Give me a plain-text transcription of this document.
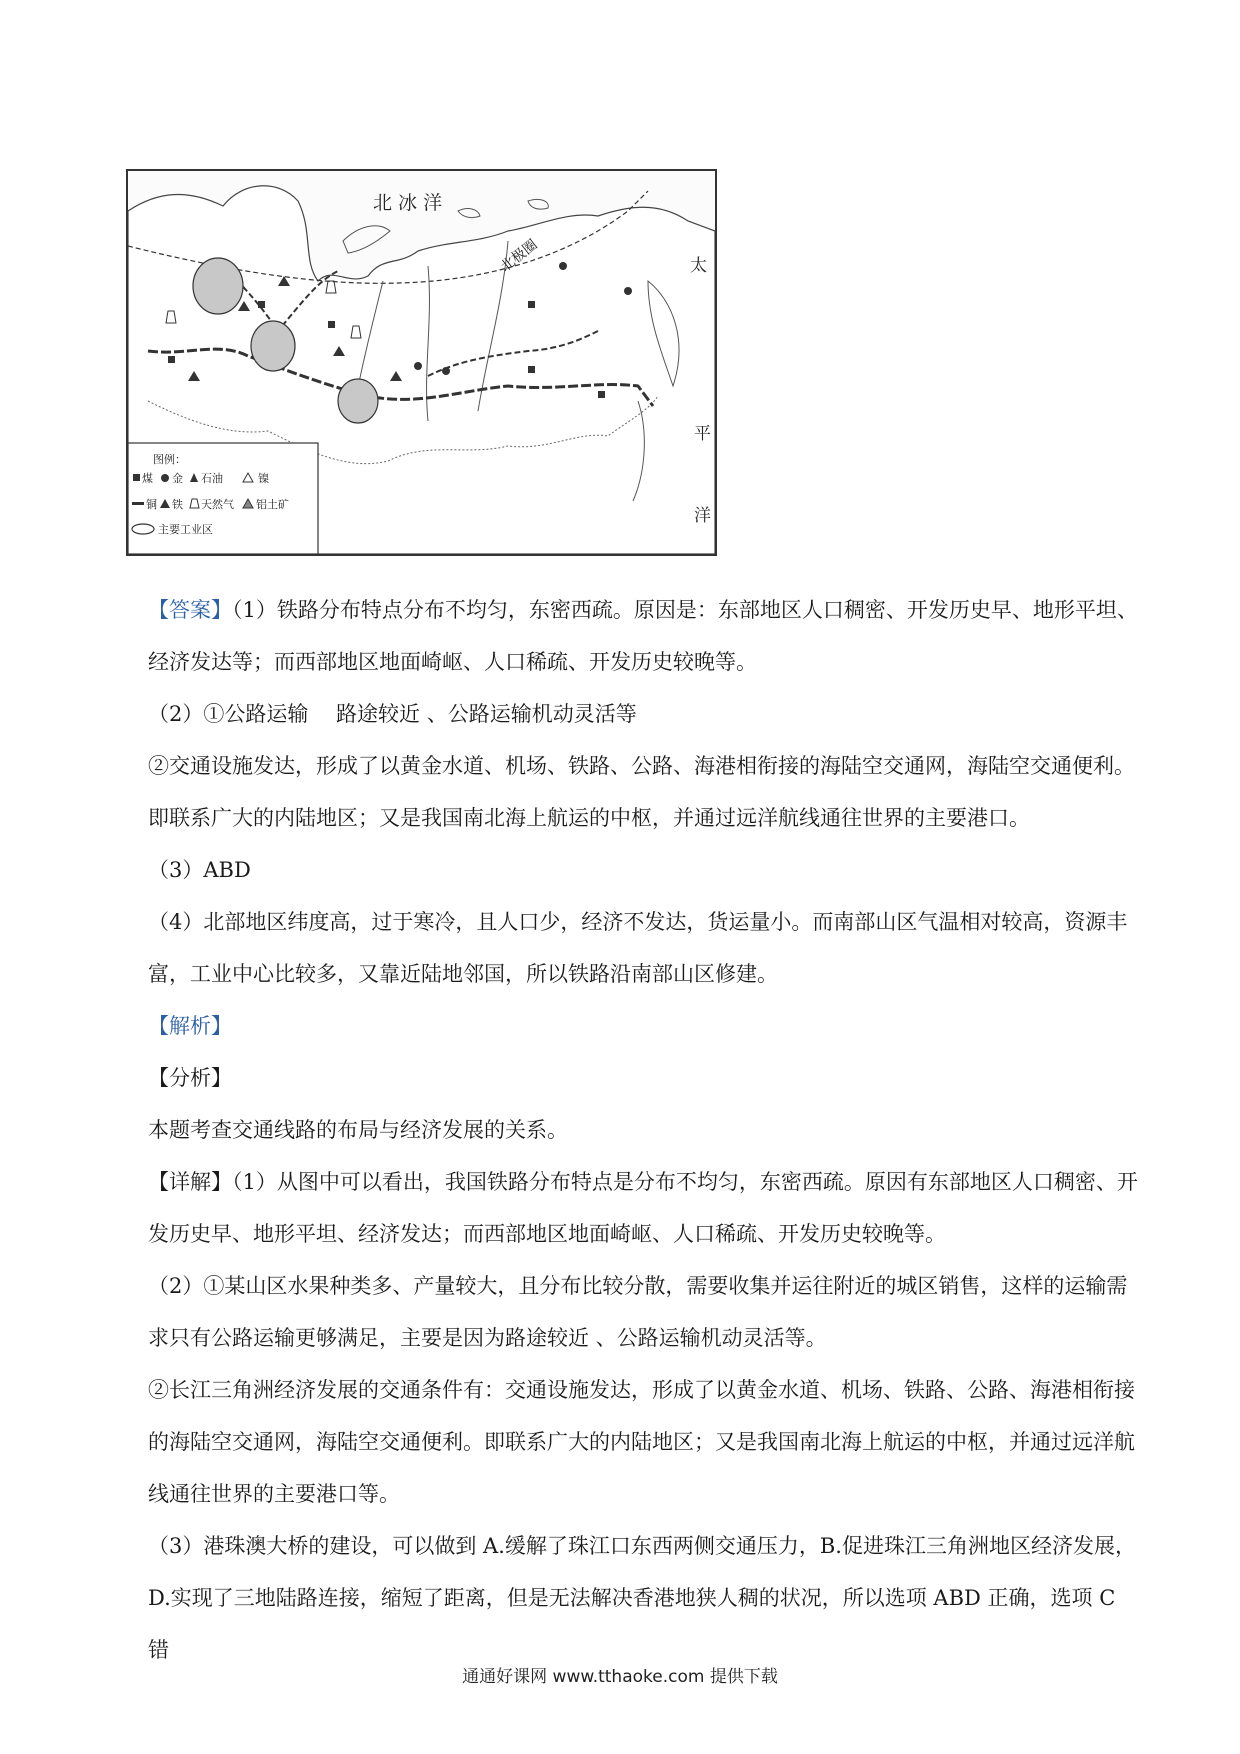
北 冰 洋
北极圈	太
平
洋
图例：
煤 金 石油	镍
铜 铁 天然气 铝土矿
主要工业区

【答案】（1）铁路分布特点分布不均匀，东密西疏。原因是：东部地区人口稠密、开发历史早、地形平坦、经济发达等；而西部地区地面崎岖、人口稀疏、开发历史较晚等。

（2）①公路运输　 路途较近 、公路运输机动灵活等

②交通设施发达，形成了以黄金水道、机场、铁路、公路、海港相衔接的海陆空交通网，海陆空交通便利。即联系广大的内陆地区；又是我国南北海上航运的中枢，并通过远洋航线通往世界的主要港口。

（3）ABD

（4）北部地区纬度高，过于寒冷，且人口少，经济不发达，货运量小。而南部山区气温相对较高，资源丰富，工业中心比较多，又靠近陆地邻国，所以铁路沿南部山区修建。

【解析】

【分析】

本题考查交通线路的布局与经济发展的关系。

【详解】（1）从图中可以看出，我国铁路分布特点是分布不均匀，东密西疏。原因有东部地区人口稠密、开发历史早、地形平坦、经济发达；而西部地区地面崎岖、人口稀疏、开发历史较晚等。

（2）①某山区水果种类多、产量较大，且分布比较分散，需要收集并运往附近的城区销售，这样的运输需求只有公路运输更够满足，主要是因为路途较近 、公路运输机动灵活等。

②长江三角洲经济发展的交通条件有：交通设施发达，形成了以黄金水道、机场、铁路、公路、海港相衔接的海陆空交通网，海陆空交通便利。即联系广大的内陆地区；又是我国南北海上航运的中枢，并通过远洋航线通往世界的主要港口等。

（3）港珠澳大桥的建设，可以做到 A.缓解了珠江口东西两侧交通压力，B.促进珠江三角洲地区经济发展，D.实现了三地陆路连接，缩短了距离，但是无法解决香港地狭人稠的状况，所以选项 ABD 正确，选项 C 错

通通好课网 www.tthaoke.com 提供下载
